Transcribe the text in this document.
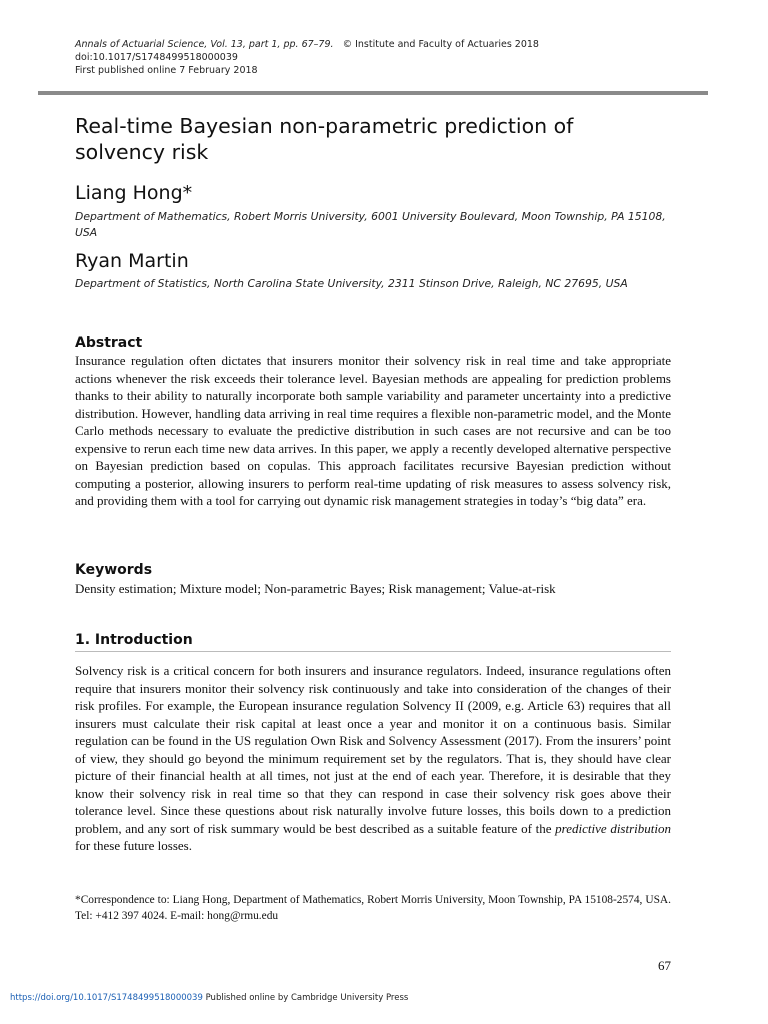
Annals of Actuarial Science, Vol. 13, part 1, pp. 67–79. © Institute and Faculty of Actuaries 2018
doi:10.1017/S1748499518000039
First published online 7 February 2018
Real-time Bayesian non-parametric prediction of solvency risk
Liang Hong*
Department of Mathematics, Robert Morris University, 6001 University Boulevard, Moon Township, PA 15108, USA
Ryan Martin
Department of Statistics, North Carolina State University, 2311 Stinson Drive, Raleigh, NC 27695, USA
Abstract

Insurance regulation often dictates that insurers monitor their solvency risk in real time and take appropriate actions whenever the risk exceeds their tolerance level. Bayesian methods are appealing for prediction problems thanks to their ability to naturally incorporate both sample variability and parameter uncertainty into a predictive distribution. However, handling data arriving in real time requires a flexible non-parametric model, and the Monte Carlo methods necessary to evaluate the predictive distribution in such cases are not recursive and can be too expensive to rerun each time new data arrives. In this paper, we apply a recently developed alternative perspective on Bayesian prediction based on copulas. This approach facilitates recursive Bayesian prediction without computing a posterior, allowing insurers to perform real-time updating of risk measures to assess solvency risk, and providing them with a tool for carrying out dynamic risk management strategies in today’s “big data” era.

Keywords

Density estimation; Mixture model; Non-parametric Bayes; Risk management; Value-at-risk

1. Introduction

Solvency risk is a critical concern for both insurers and insurance regulators. Indeed, insurance regulations often require that insurers monitor their solvency risk continuously and take into consideration of the changes of their risk profiles. For example, the European insurance regulation Solvency II (2009, e.g. Article 63) requires that all insurers must calculate their risk capital at least once a year and monitor it on a continuous basis. Similar regulation can be found in the US regulation Own Risk and Solvency Assessment (2017). From the insurers’ point of view, they should go beyond the minimum requirement set by the regulators. That is, they should have clear picture of their financial health at all times, not just at the end of each year. Therefore, it is desirable that they know their solvency risk in real time so that they can respond in case their solvency risk goes above their tolerance level. Since these questions about risk naturally involve future losses, this boils down to a prediction problem, and any sort of risk summary would be best described as a suitable feature of the predictive distribution for these future losses.

*Correspondence to: Liang Hong, Department of Mathematics, Robert Morris University, Moon Township, PA 15108-2574, USA. Tel: +412 397 4024. E-mail: hong@rmu.edu
67
https://doi.org/10.1017/S1748499518000039 Published online by Cambridge University Press
